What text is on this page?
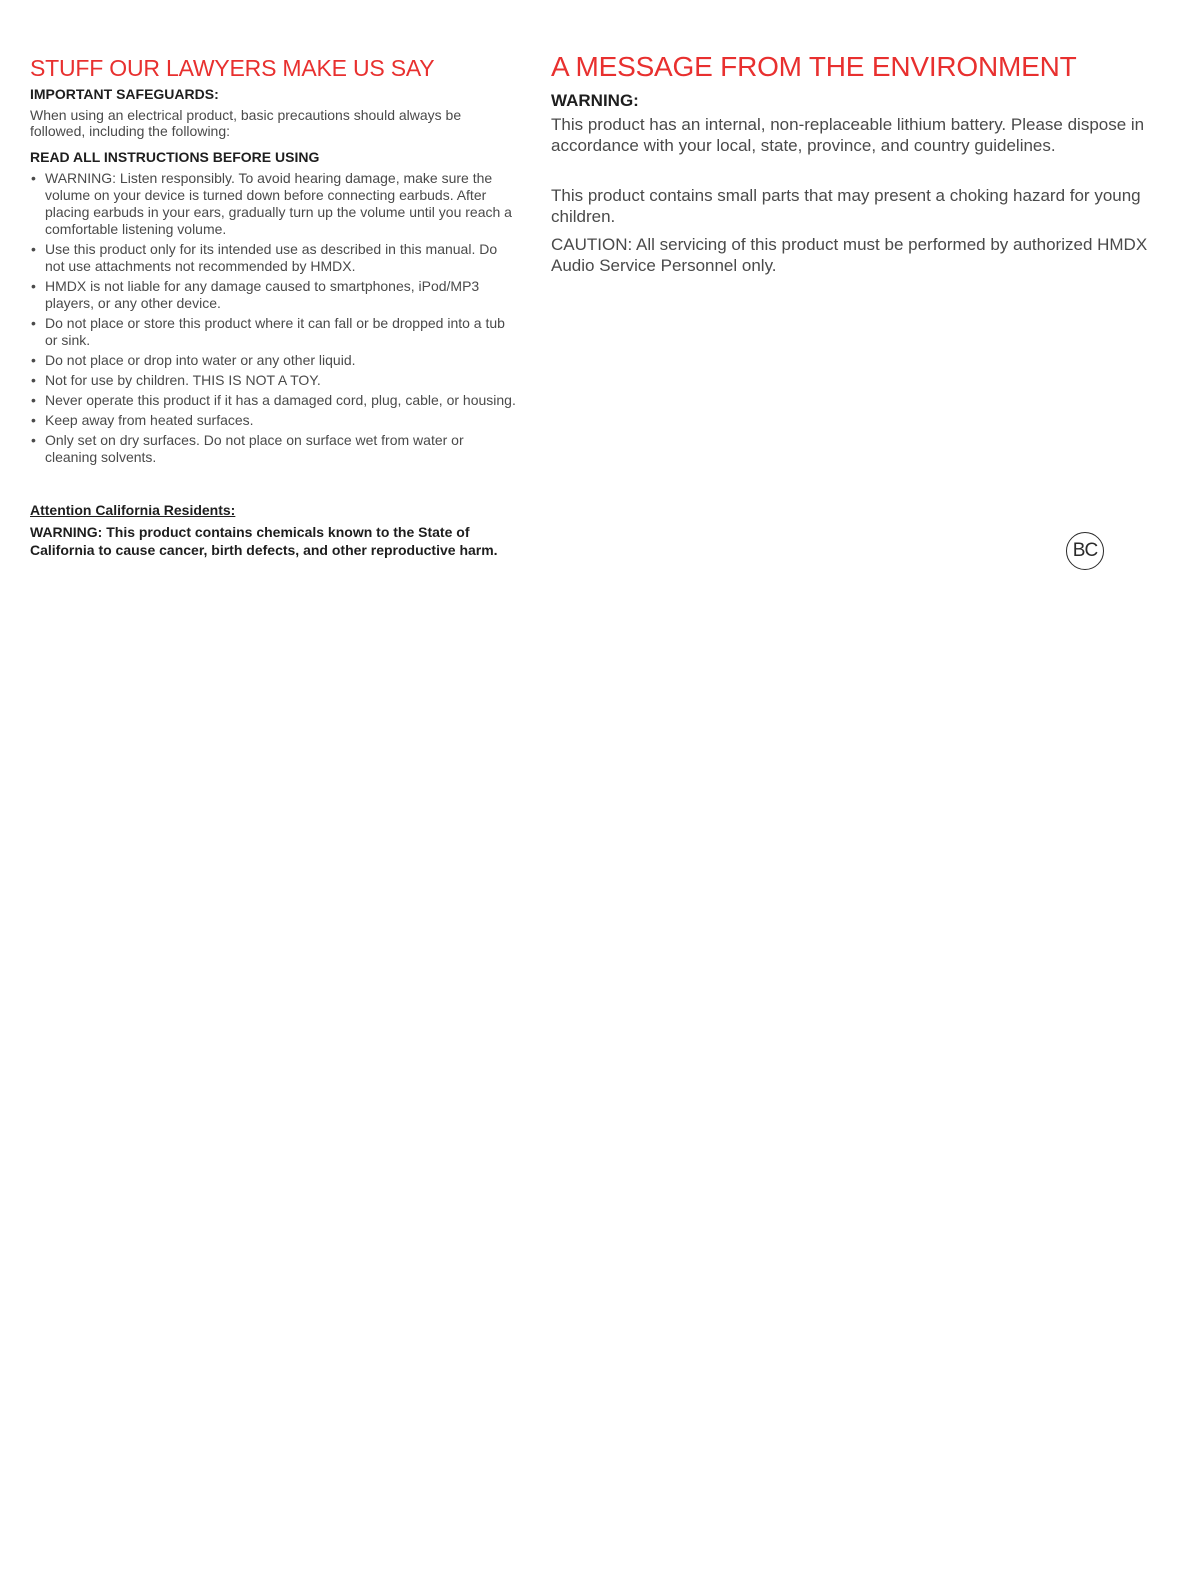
STUFF OUR LAWYERS MAKE US SAY
IMPORTANT SAFEGUARDS:
When using an electrical product, basic precautions should always be followed, including the following:
READ ALL INSTRUCTIONS BEFORE USING
• WARNING: Listen responsibly. To avoid hearing damage, make sure the volume on your device is turned down before connecting earbuds. After placing earbuds in your ears, gradually turn up the volume until you reach a comfortable listening volume.
• Use this product only for its intended use as described in this manual. Do not use attachments not recommended by HMDX.
• HMDX is not liable for any damage caused to smartphones, iPod/MP3 players, or any other device.
• Do not place or store this product where it can fall or be dropped into a tub or sink.
• Do not place or drop into water or any other liquid.
• Not for use by children. THIS IS NOT A TOY.
• Never operate this product if it has a damaged cord, plug, cable, or housing.
• Keep away from heated surfaces.
• Only set on dry surfaces. Do not place on surface wet from water or cleaning solvents.
Attention California Residents:
WARNING: This product contains chemicals known to the State of California to cause cancer, birth defects, and other reproductive harm.
A MESSAGE FROM THE ENVIRONMENT
WARNING:

This product has an internal, non-replaceable lithium battery. Please dispose in accordance with your local, state, province, and country guidelines.

This product contains small parts that may present a choking hazard for young children.

CAUTION: All servicing of this product must be performed by authorized HMDX Audio Service Personnel only.

BC
